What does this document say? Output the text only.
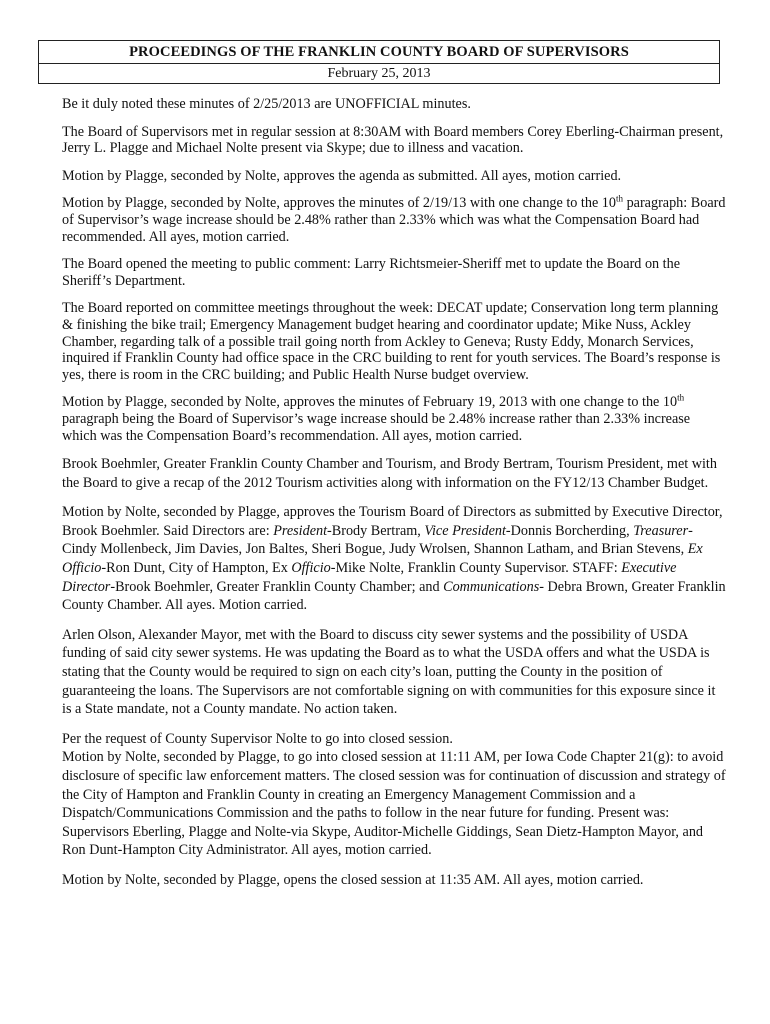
PROCEEDINGS OF THE FRANKLIN COUNTY BOARD OF SUPERVISORS
February 25, 2013

Be it duly noted these minutes of 2/25/2013 are UNOFFICIAL minutes.

The Board of Supervisors met in regular session at 8:30AM with Board members Corey Eberling-Chairman present, Jerry L. Plagge and Michael Nolte present via Skype; due to illness and vacation.

Motion by Plagge, seconded by Nolte, approves the agenda as submitted. All ayes, motion carried.

Motion by Plagge, seconded by Nolte, approves the minutes of 2/19/13 with one change to the 10th paragraph: Board of Supervisor’s wage increase should be 2.48% rather than 2.33% which was what the Compensation Board had recommended. All ayes, motion carried.

The Board opened the meeting to public comment: Larry Richtsmeier-Sheriff met to update the Board on the Sheriff’s Department.

The Board reported on committee meetings throughout the week: DECAT update; Conservation long term planning & finishing the bike trail; Emergency Management budget hearing and coordinator update; Mike Nuss, Ackley Chamber, regarding talk of a possible trail going north from Ackley to Geneva; Rusty Eddy, Monarch Services, inquired if Franklin County had office space in the CRC building to rent for youth services. The Board’s response is yes, there is room in the CRC building; and Public Health Nurse budget overview.

Motion by Plagge, seconded by Nolte, approves the minutes of February 19, 2013 with one change to the 10th paragraph being the Board of Supervisor’s wage increase should be 2.48% increase rather than 2.33% increase which was the Compensation Board’s recommendation. All ayes, motion carried.

Brook Boehmler, Greater Franklin County Chamber and Tourism, and Brody Bertram, Tourism President, met with the Board to give a recap of the 2012 Tourism activities along with information on the FY12/13 Chamber Budget.

Motion by Nolte, seconded by Plagge, approves the Tourism Board of Directors as submitted by Executive Director, Brook Boehmler. Said Directors are: President-Brody Bertram, Vice President-Donnis Borcherding, Treasurer-Cindy Mollenbeck, Jim Davies, Jon Baltes, Sheri Bogue, Judy Wrolsen, Shannon Latham, and Brian Stevens, Ex Officio-Ron Dunt, City of Hampton, Ex Officio-Mike Nolte, Franklin County Supervisor. STAFF: Executive Director-Brook Boehmler, Greater Franklin County Chamber; and Communications- Debra Brown, Greater Franklin County Chamber. All ayes. Motion carried.

Arlen Olson, Alexander Mayor, met with the Board to discuss city sewer systems and the possibility of USDA funding of said city sewer systems. He was updating the Board as to what the USDA offers and what the USDA is stating that the County would be required to sign on each city’s loan, putting the County in the position of guaranteeing the loans. The Supervisors are not comfortable signing on with communities for this exposure since it is a State mandate, not a County mandate. No action taken.

Per the request of County Supervisor Nolte to go into closed session.

Motion by Nolte, seconded by Plagge, to go into closed session at 11:11 AM, per Iowa Code Chapter 21(g): to avoid disclosure of specific law enforcement matters. The closed session was for continuation of discussion and strategy of the City of Hampton and Franklin County in creating an Emergency Management Commission and a Dispatch/Communications Commission and the paths to follow in the near future for funding. Present was: Supervisors Eberling, Plagge and Nolte-via Skype, Auditor-Michelle Giddings, Sean Dietz-Hampton Mayor, and Ron Dunt-Hampton City Administrator. All ayes, motion carried.

Motion by Nolte, seconded by Plagge, opens the closed session at 11:35 AM. All ayes, motion carried.
